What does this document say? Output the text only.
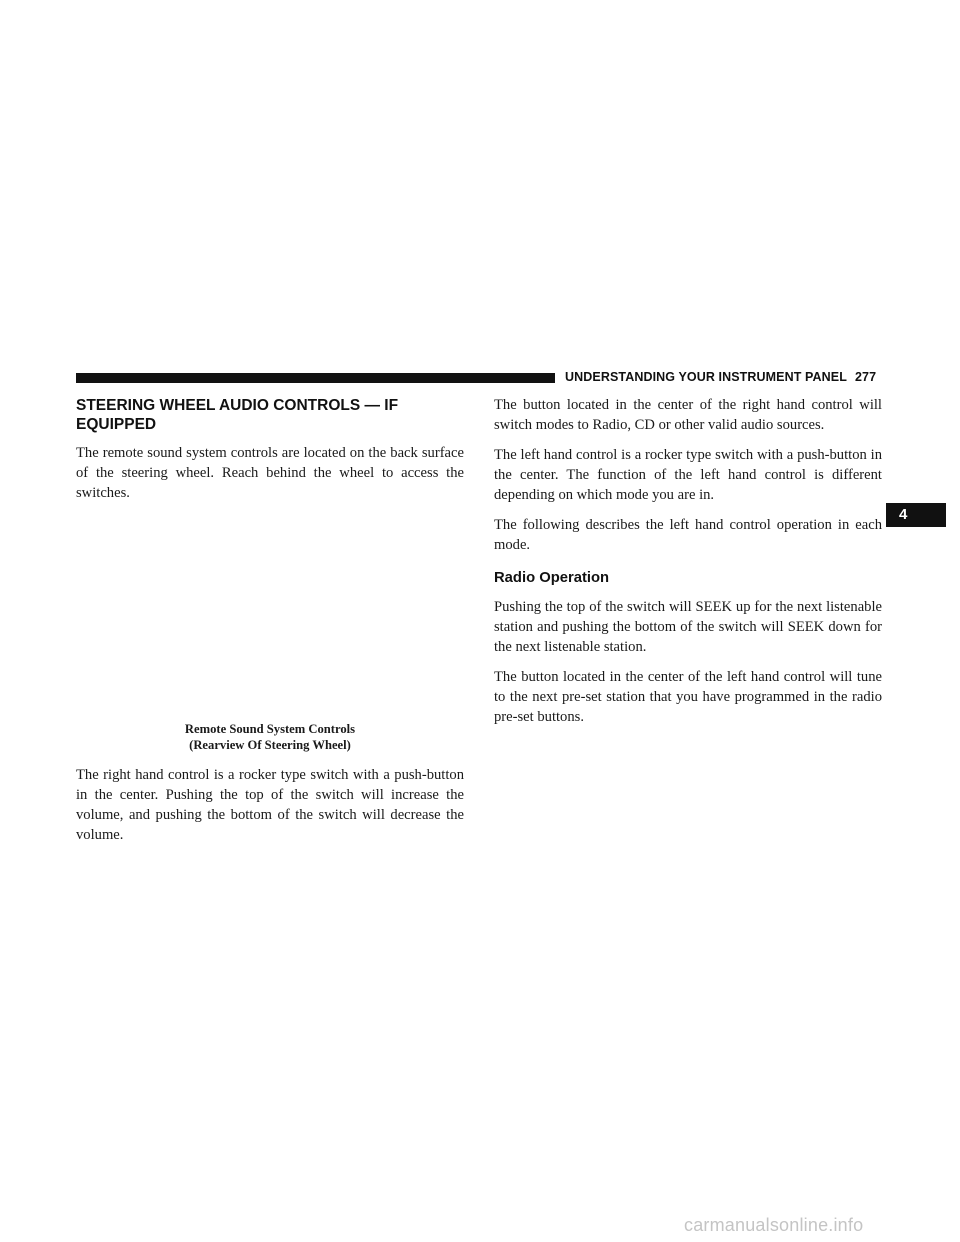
UNDERSTANDING YOUR INSTRUMENT PANEL 277
4
STEERING WHEEL AUDIO CONTROLS — IF EQUIPPED

The remote sound system controls are located on the back surface of the steering wheel. Reach behind the wheel to access the switches.

Remote Sound System Controls
(Rearview Of Steering Wheel)

The right hand control is a rocker type switch with a push-button in the center. Pushing the top of the switch will increase the volume, and pushing the bottom of the switch will decrease the volume.

The button located in the center of the right hand control will switch modes to Radio, CD or other valid audio sources.

The left hand control is a rocker type switch with a push-button in the center. The function of the left hand control is different depending on which mode you are in.

The following describes the left hand control operation in each mode.

Radio Operation

Pushing the top of the switch will SEEK up for the next listenable station and pushing the bottom of the switch will SEEK down for the next listenable station.

The button located in the center of the left hand control will tune to the next pre-set station that you have programmed in the radio pre-set buttons.

carmanualsonline.info
